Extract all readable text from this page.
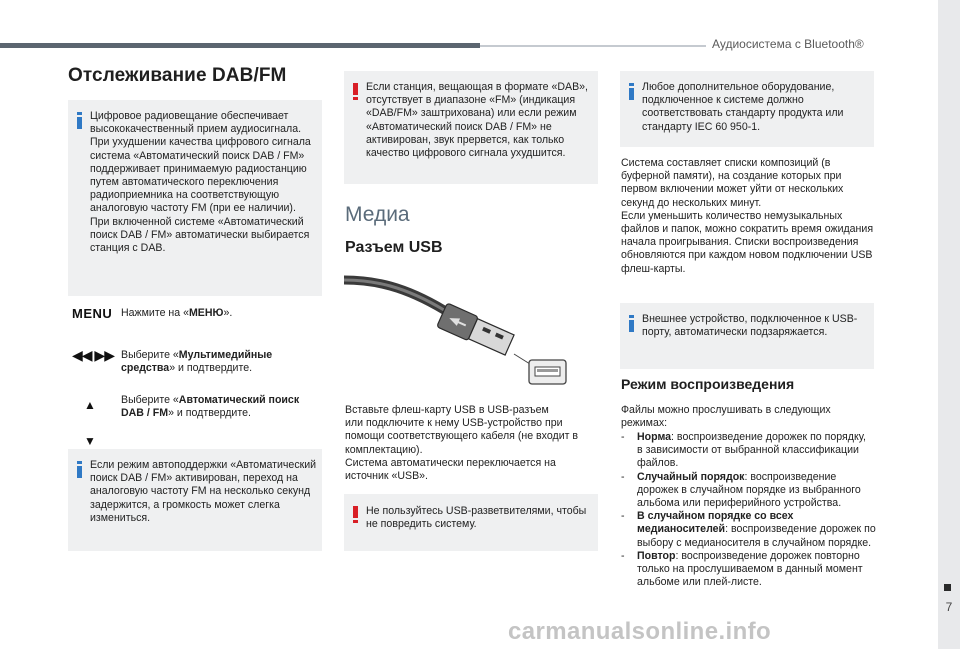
Аудиосистема с Bluetooth®
7
Отслеживание DAB/FM
Цифровое радиовещание обеспечивает
высококачественный прием аудиосигнала.
При ухудшении качества цифрового сигнала
система «Автоматический поиск DAB / FM»
поддерживает принимаемую радиостанцию
путем автоматического переключения
радиоприемника на соответствующую
аналоговую частоту FM (при ее наличии).
При включенной системе «Автоматический
поиск DAB / FM» автоматически выбирается
станция с DAB.
MENU Нажмите на «МЕНЮ».
◀◀ ▶▶ Выберите «Мультимедийные средства» и подтвердите.
▲

▼
Выберите «Автоматический поиск DAB / FM» и подтвердите.
Если режим автоподдержки «Автоматический
поиск DAB / FM» активирован, переход на
аналоговую частоту FM на несколько секунд
задержится, а громкость может слегка
измениться.
Если станция, вещающая в формате «DAB»,
отсутствует в диапазоне «FM» (индикация
«DAB/FM» заштрихована) или если режим
«Автоматический поиск DAB / FM» не
активирован, звук прервется, как только
качество цифрового сигнала ухудшится.
Медиа
Разъем USB
Вставьте флеш-карту USB в USB-разъем
или подключите к нему USB-устройство при
помощи соответствующего кабеля (не входит в
комплектацию).
Система автоматически переключается на
источник «USB».
Не пользуйтесь USB-разветвителями, чтобы
не повредить систему.
Любое дополнительное оборудование,
подключенное к системе должно
соответствовать стандарту продукта или
стандарту IEC 60 950-1.
Система составляет списки композиций (в
буферной памяти), на создание которых при
первом включении может уйти от нескольких
секунд до нескольких минут.
Если уменьшить количество немузыкальных
файлов и папок, можно сократить время ожидания
начала проигрывания. Списки воспроизведения
обновляются при каждом новом подключении USB
флеш-карты.
Внешнее устройство, подключенное к USB-
порту, автоматически подзаряжается.
Режим воспроизведения
Файлы можно прослушивать в следующих
режимах:
- Норма: воспроизведение дорожек по порядку,
в зависимости от выбранной классификации
файлов.
- Случайный порядок: воспроизведение
дорожек в случайном порядке из выбранного
альбома или периферийного устройства.
- В случайном порядке со всех
медианосителей: воспроизведение дорожек по
выбору с медианосителя в случайном порядке.
- Повтор: воспроизведение дорожек повторно
только на прослушиваемом в данный момент
альбоме или плей-листе.
carmanualsonline.info
